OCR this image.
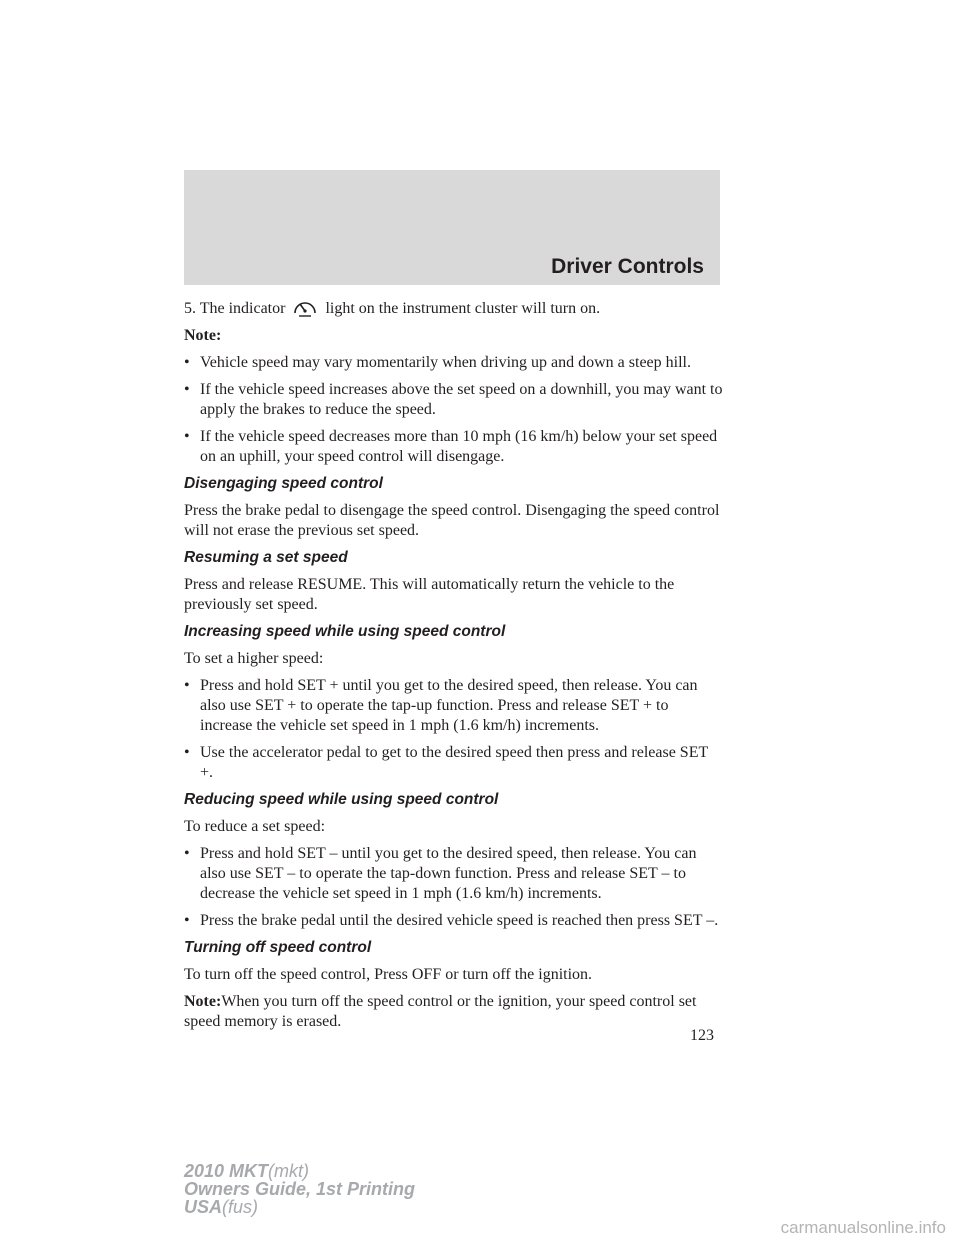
Driver Controls

5. The indicator	light on the instrument cluster will turn on.

Note:

• Vehicle speed may vary momentarily when driving up and down a steep hill.
• If the vehicle speed increases above the set speed on a downhill, you may want to apply the brakes to reduce the speed.
• If the vehicle speed decreases more than 10 mph (16 km/h) below your set speed on an uphill, your speed control will disengage.
Disengaging speed control

Press the brake pedal to disengage the speed control. Disengaging the speed control will not erase the previous set speed.

Resuming a set speed

Press and release RESUME. This will automatically return the vehicle to the previously set speed.

Increasing speed while using speed control

To set a higher speed:

• Press and hold SET + until you get to the desired speed, then release. You can also use SET + to operate the tap-up function. Press and release SET + to increase the vehicle set speed in 1 mph (1.6 km/h) increments.
• Use the accelerator pedal to get to the desired speed then press and release SET +.
Reducing speed while using speed control

To reduce a set speed:

• Press and hold SET – until you get to the desired speed, then release. You can also use SET – to operate the tap-down function. Press and release SET – to decrease the vehicle set speed in 1 mph (1.6 km/h) increments.
• Press the brake pedal until the desired vehicle speed is reached then press SET –.
Turning off speed control

To turn off the speed control, Press OFF or turn off the ignition.

Note:When you turn off the speed control or the ignition, your speed control set speed memory is erased.

123
2010 MKT(mkt)
Owners Guide, 1st Printing
USA(fus)
carmanualsonline.info
